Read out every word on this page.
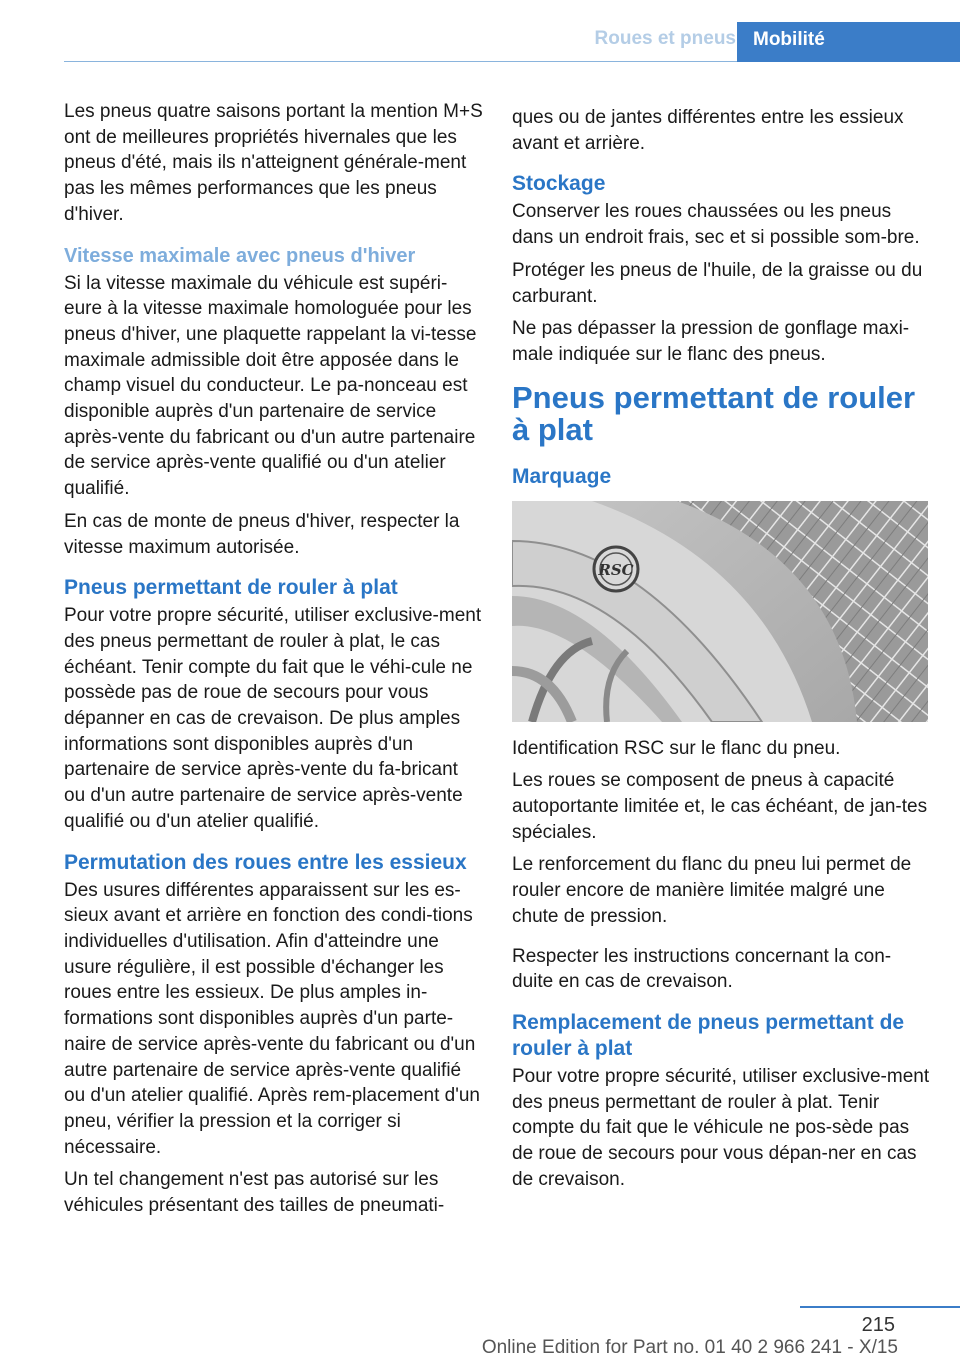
Roues et pneus Mobilité

Les pneus quatre saisons portant la mention M+S ont de meilleures propriétés hivernales que les pneus d'été, mais ils n'atteignent générale-ment pas les mêmes performances que les pneus d'hiver.

Vitesse maximale avec pneus d'hiver

Si la vitesse maximale du véhicule est supéri-eure à la vitesse maximale homologuée pour les pneus d'hiver, une plaquette rappelant la vi-tesse maximale admissible doit être apposée dans le champ visuel du conducteur. Le pa-nonceau est disponible auprès d'un partenaire de service après-vente du fabricant ou d'un autre partenaire de service après-vente qualifié ou d'un atelier qualifié.

En cas de monte de pneus d'hiver, respecter la vitesse maximum autorisée.

Pneus permettant de rouler à plat

Pour votre propre sécurité, utiliser exclusive-ment des pneus permettant de rouler à plat, le cas échéant. Tenir compte du fait que le véhi-cule ne possède pas de roue de secours pour vous dépanner en cas de crevaison. De plus amples informations sont disponibles auprès d'un partenaire de service après-vente du fa-bricant ou d'un autre partenaire de service après-vente qualifié ou d'un atelier qualifié.

Permutation des roues entre les essieux

Des usures différentes apparaissent sur les es-sieux avant et arrière en fonction des condi-tions individuelles d'utilisation. Afin d'atteindre une usure régulière, il est possible d'échanger les roues entre les essieux. De plus amples in-formations sont disponibles auprès d'un parte-naire de service après-vente du fabricant ou d'un autre partenaire de service après-vente qualifié ou d'un atelier qualifié. Après rem-placement d'un pneu, vérifier la pression et la corriger si nécessaire.

Un tel changement n'est pas autorisé sur les véhicules présentant des tailles de pneumati-

ques ou de jantes différentes entre les essieux avant et arrière.

Stockage

Conserver les roues chaussées ou les pneus dans un endroit frais, sec et si possible som-bre.

Protéger les pneus de l'huile, de la graisse ou du carburant.

Ne pas dépasser la pression de gonflage maxi-male indiquée sur le flanc des pneus.

Pneus permettant de rouler à plat
Marquage
RSC

Identification RSC sur le flanc du pneu.

Les roues se composent de pneus à capacité autoportante limitée et, le cas échéant, de jan-tes spéciales.

Le renforcement du flanc du pneu lui permet de rouler encore de manière limitée malgré une chute de pression.

Respecter les instructions concernant la con-duite en cas de crevaison.

Remplacement de pneus permettant de rouler à plat

Pour votre propre sécurité, utiliser exclusive-ment des pneus permettant de rouler à plat. Tenir compte du fait que le véhicule ne pos-sède pas de roue de secours pour vous dépan-ner en cas de crevaison.

215
Online Edition for Part no. 01 40 2 966 241 - X/15
